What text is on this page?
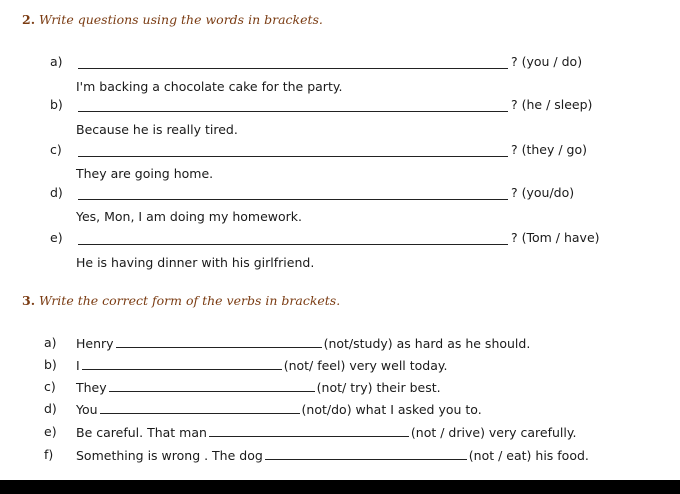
2. Write questions using the words in brackets.
a)	? (you / do)
I'm backing a chocolate cake for the party.
b)	? (he / sleep)
Because he is really tired.
c)	? (they / go)
They are going home.
d)	? (you/do)
Yes, Mon, I am doing my homework.
e)	? (Tom / have)
He is having dinner with his girlfriend.
3. Write the correct form of the verbs in brackets.
a) Henry	(not/study) as hard as he should.
b) I	(not/ feel) very well today.
c) They	(not/ try) their best.
d) You	(not/do) what I asked you to.
e) Be careful. That man	(not / drive) very carefully.
f) Something is wrong . The dog	(not / eat) his food.
